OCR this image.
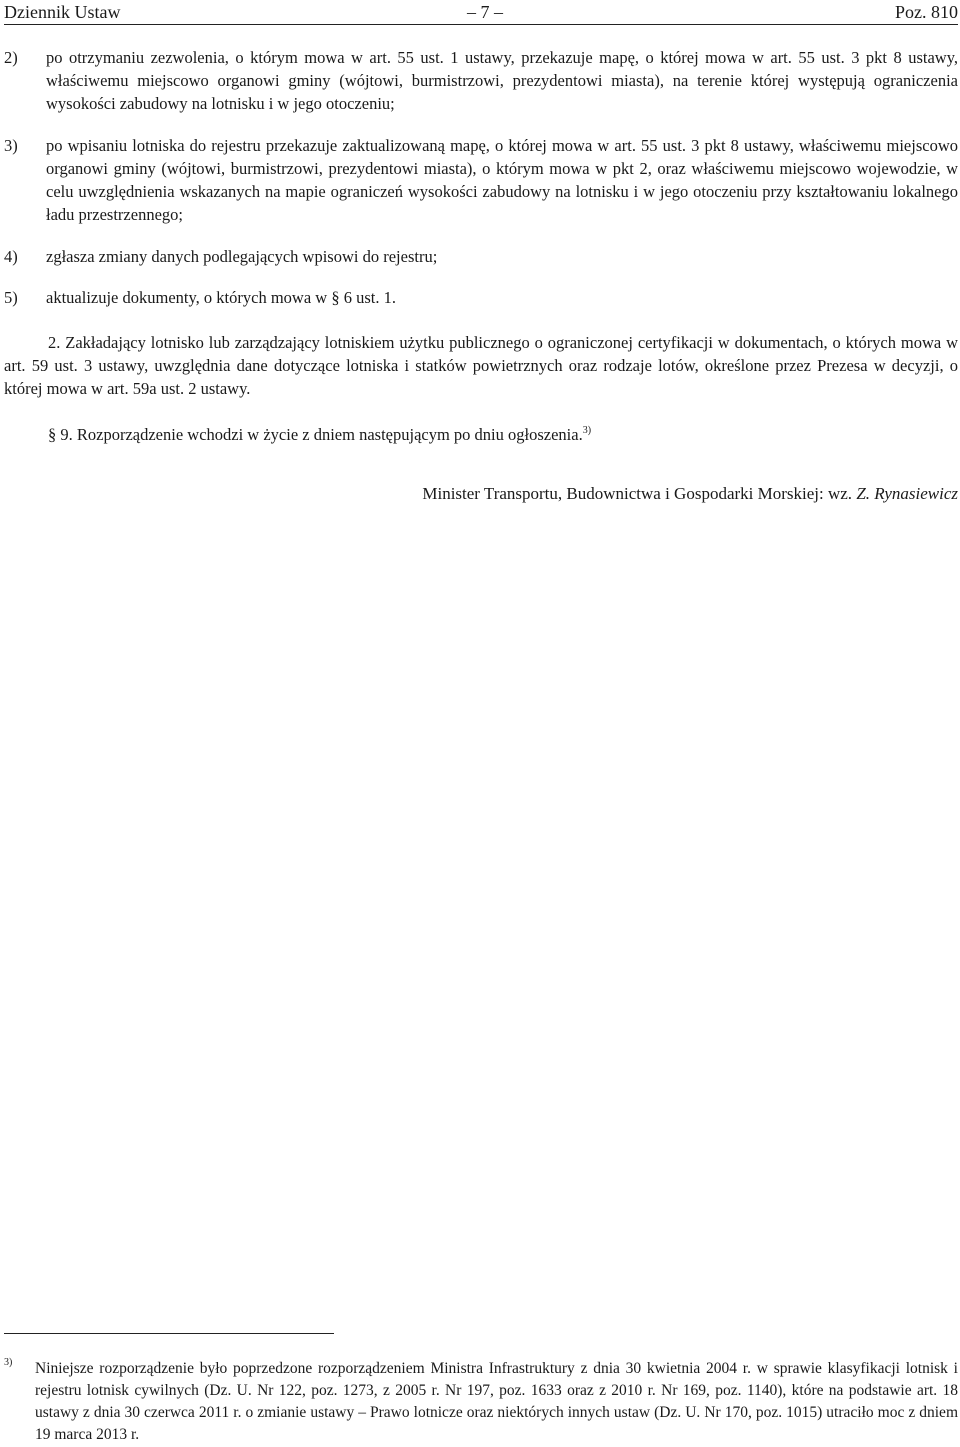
Dziennik Ustaw	– 7 –	Poz. 810
2) po otrzymaniu zezwolenia, o którym mowa w art. 55 ust. 1 ustawy, przekazuje mapę, o której mowa w art. 55 ust. 3 pkt 8 ustawy, właściwemu miejscowo organowi gminy (wójtowi, burmistrzowi, prezydentowi miasta), na terenie której występują ograniczenia wysokości zabudowy na lotnisku i w jego otoczeniu;
3) po wpisaniu lotniska do rejestru przekazuje zaktualizowaną mapę, o której mowa w art. 55 ust. 3 pkt 8 ustawy, właściwemu miejscowo organowi gminy (wójtowi, burmistrzowi, prezydentowi miasta), o którym mowa w pkt 2, oraz właściwemu miejscowo wojewodzie, w celu uwzględnienia wskazanych na mapie ograniczeń wysokości zabudowy na lotnisku i w jego otoczeniu przy kształtowaniu lokalnego ładu przestrzennego;
4) zgłasza zmiany danych podlegających wpisowi do rejestru;
5) aktualizuje dokumenty, o których mowa w § 6 ust. 1.
2. Zakładający lotnisko lub zarządzający lotniskiem użytku publicznego o ograniczonej certyfikacji w dokumentach, o których mowa w art. 59 ust. 3 ustawy, uwzględnia dane dotyczące lotniska i statków powietrznych oraz rodzaje lotów, określone przez Prezesa w decyzji, o której mowa w art. 59a ust. 2 ustawy.
§ 9. Rozporządzenie wchodzi w życie z dniem następującym po dniu ogłoszenia.$^{3)}$
Minister Transportu, Budownictwa i Gospodarki Morskiej: wz. Z. Rynasiewicz
3) Niniejsze rozporządzenie było poprzedzone rozporządzeniem Ministra Infrastruktury z dnia 30 kwietnia 2004 r. w sprawie klasyfikacji lotnisk i rejestru lotnisk cywilnych (Dz. U. Nr 122, poz. 1273, z 2005 r. Nr 197, poz. 1633 oraz z 2010 r. Nr 169, poz. 1140), które na podstawie art. 18 ustawy z dnia 30 czerwca 2011 r. o zmianie ustawy – Prawo lotnicze oraz niektórych innych ustaw (Dz. U. Nr 170, poz. 1015) utraciło moc z dniem 19 marca 2013 r.
